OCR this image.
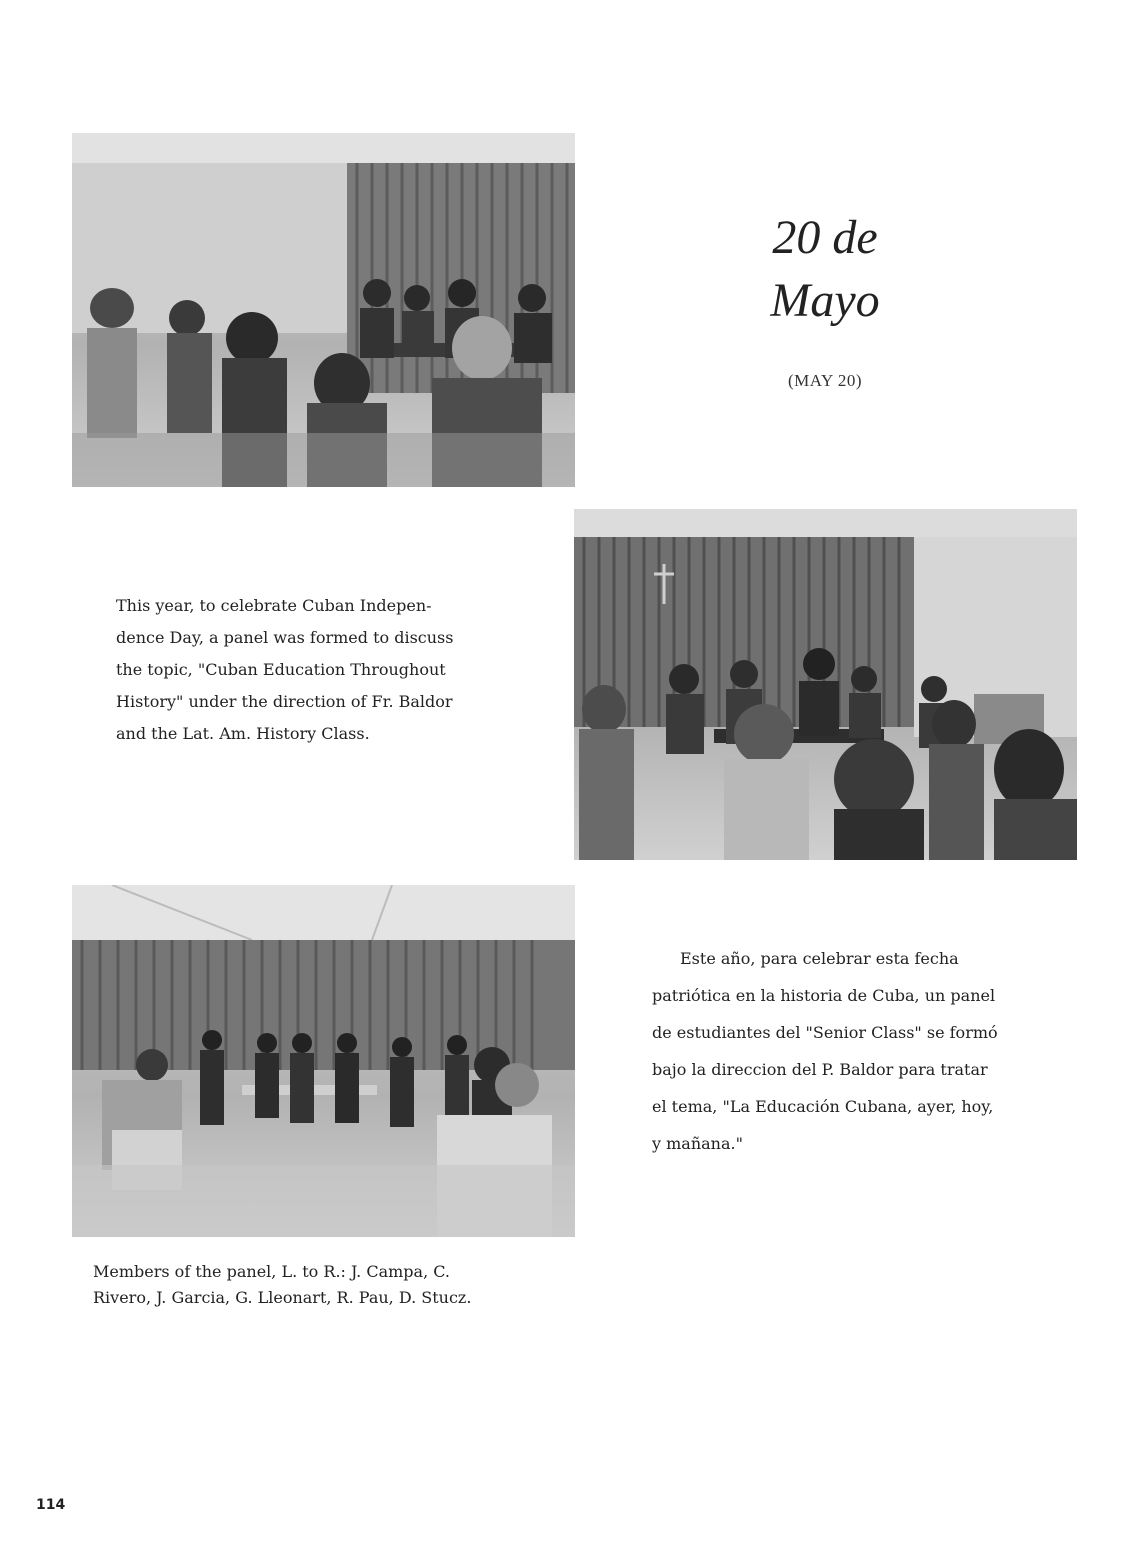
20 de
Mayo
(MAY 20)

This year, to celebrate Cuban Indepen-
dence Day, a panel was formed to discuss
the topic, "Cuban Education Throughout
History" under the direction of Fr. Baldor
and the Lat. Am. History Class.

Este año, para celebrar esta fecha
patriótica en la historia de Cuba, un panel
de estudiantes del "Senior Class" se formó
bajo la direccion del P. Baldor para tratar
el tema, "La Educación Cubana, ayer, hoy,
y mañana."

Members of the panel, L. to R.: J. Campa, C.
Rivero, J. Garcia, G. Lleonart, R. Pau, D. Stucz.
114
